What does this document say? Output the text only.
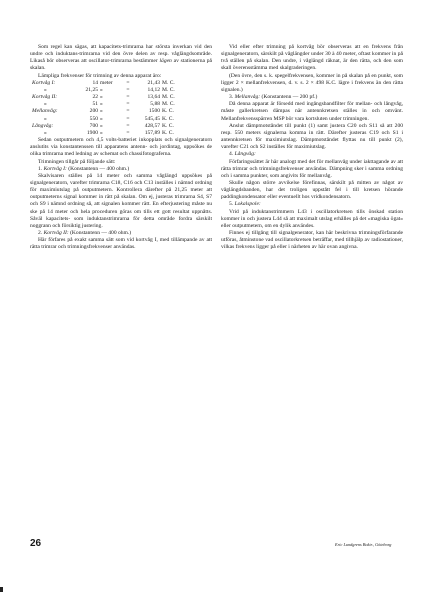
Som regel kan sägas, att kapacitets-trimrarna har största inverkan vid den undre och induktans-trimrarna vid den övre delen av resp. våglängdsområde. Likaså bör observeras att oscillator-trimrarna bestämmer lägen av stationerna på skalan.

Lämpliga frekvenser för trimning av denna apparat äro:

Kortvåg I:	14	meter	=	21,43	M. C.
»	21,25	»	=	14,12	M. C.
Kortvåg II:	22	»	=	13,64	M. C.
»	51	»	=	5,88	M. C.
Mellanvåg:	200	»	=	1500	K. C.
»	550	»	=	545,45	K. C.
Långvåg:	700	»	=	428,57	K. C.
»	1900	»	=	157,89	K. C.

Sedan outputmetern och 4,5 volts-batteriet inkopplats och signalgeneratorn anslutits via konstantenssen till apparatens antenn- och jordintag, uppsökes de olika trimrarna med ledning av schemat och chassifotograferna.

Trimningen tillgår på följande sätt:

1. Kortvåg I: (Konstantenn — 400 ohm.)

Skalvisaren ställes på 14 meter och samma våglängd uppsökes på signalgeneratorn, varefter trimrarna C18, C16 och C13 inställes i nämnd ordning för maximiutslag på outputmetern. Kontrollera därefter på 21,25 meter att outputmeterns signal kommer in rätt på skalan. Om ej, justeras trimrarna S4, S7 och S9 i nämnd ordning så, att signalen kommer rätt. En efterjustering måste nu ske på 14 meter och hela proceduren göras om tills ett gott resultat uppnåtts. Såväl kapacitets- som induktanstrimrarna för detta område fordra särskilt noggrann och försiktig justering.

2. Kortvåg II: (Konstantenn — 400 ohm.)

Här förfares på exakt samma sätt som vid kortvåg I, med tillämpande av att rätta trimrar och trimningsfrekvenser användas.

Vid eller efter trimning på kortvåg bör observeras att en frekvens från signalgeneratorn, särskilt på våglängder under 30 à 40 meter, oftast kommer in på två ställen på skalan. Den undre, i våglängd räknat, är den rätta, och den som skall överensstämma med skalgraderingen.

(Den övre, den s. k. spegelfrekvensen, kommer in på skalan på en punkt, som ligger 2 × mellanfrekvensen, d. v. s. 2 × 498 K.C. lägre i frekvens än den rätta signalen.)

3. Mellanvåg: (Konstantenn — 200 pf.)

Då denna apparat är försedd med ingångsbandfilter för mellan- och långvåg, måste gallerkretsen dämpas när antennkretsen ställes in och omvänt. Mellanfrekvensspärren MSP bör vara kortsluten under trimningen.

Anslut dämpmotståndet till punkt (1) samt justera C20 och S11 så att 200 resp. 550 meters signalerna komma in rätt. Därefter justeras C19 och S1 i antennkretsen för maximiutslag. Dämpmotståndet flyttas nu till punkt (2), varefter C21 och S2 inställes för maximiutslag.

4. Långvåg:

Förfaringssättet är här analogt med det för mellanvåg under iakttagande av att rätta trimrar och trimningsfrekvenser användas. Dämpning sker i samma ordning och i samma punkter, som angivits för mellanvåg.

Skulle någon större avvikelse förefinnas, särskilt på mitten av något av våglängdsbanden, har det troligen uppstått fel i till kretsen hörande paddingkondensator eller eventuellt hos vridkondensatorn.

5. Lokalspole:

Vrid på induktanstrimmern L43 i oscillatorkretsen tills önskad station kommer in och justera L44 så att maximalt utslag erhålles på det »magiska ögat» eller outputmetern, om en dylik användes.

Finnes ej tillgång till signalgenerator, kan här beskrivna trimningsförfarande utföras, åtminstone vad oscillatorkretsen beträffar, med tillhjälp av radiostationer, vilkas frekvens ligger på eller i närheten av här ovan angivna.

26	Eric Lundgrens Boktr., Göteborg
